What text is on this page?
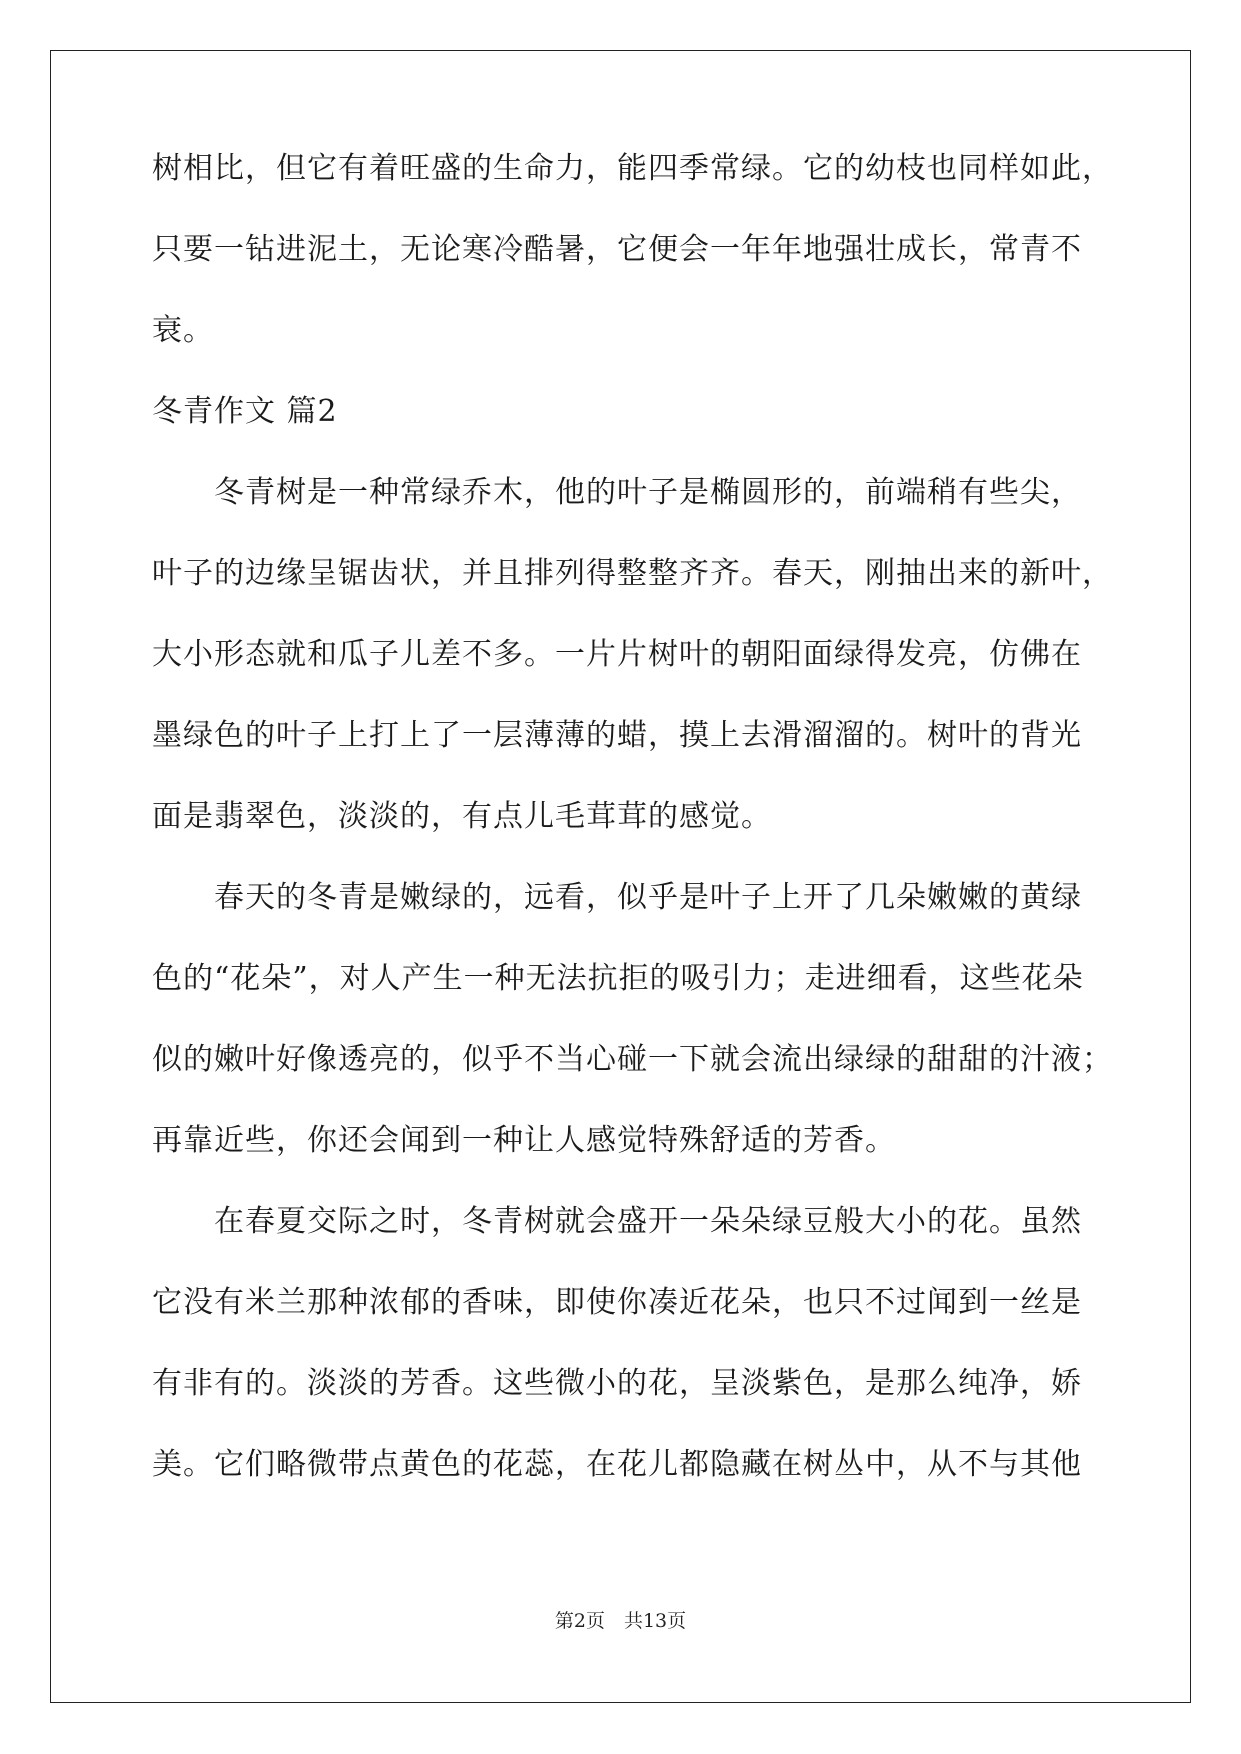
树相比，但它有着旺盛的生命力，能四季常绿。它的幼枝也同样如此，
只要一钻进泥土，无论寒冷酷暑，它便会一年年地强壮成长，常青不
衰。
冬青作文 篇2
冬青树是一种常绿乔木，他的叶子是椭圆形的，前端稍有些尖，
叶子的边缘呈锯齿状，并且排列得整整齐齐。春天，刚抽出来的新叶，
大小形态就和瓜子儿差不多。一片片树叶的朝阳面绿得发亮，仿佛在
墨绿色的叶子上打上了一层薄薄的蜡，摸上去滑溜溜的。树叶的背光
面是翡翠色，淡淡的，有点儿毛茸茸的感觉。
春天的冬青是嫩绿的，远看，似乎是叶子上开了几朵嫩嫩的黄绿
色的“花朵”，对人产生一种无法抗拒的吸引力；走进细看，这些花朵
似的嫩叶好像透亮的，似乎不当心碰一下就会流出绿绿的甜甜的汁液；
再靠近些，你还会闻到一种让人感觉特殊舒适的芳香。
在春夏交际之时，冬青树就会盛开一朵朵绿豆般大小的花。虽然
它没有米兰那种浓郁的香味，即使你凑近花朵，也只不过闻到一丝是
有非有的。淡淡的芳香。这些微小的花，呈淡紫色，是那么纯净，娇
美。它们略微带点黄色的花蕊，在花儿都隐藏在树丛中，从不与其他
第2页　共13页
